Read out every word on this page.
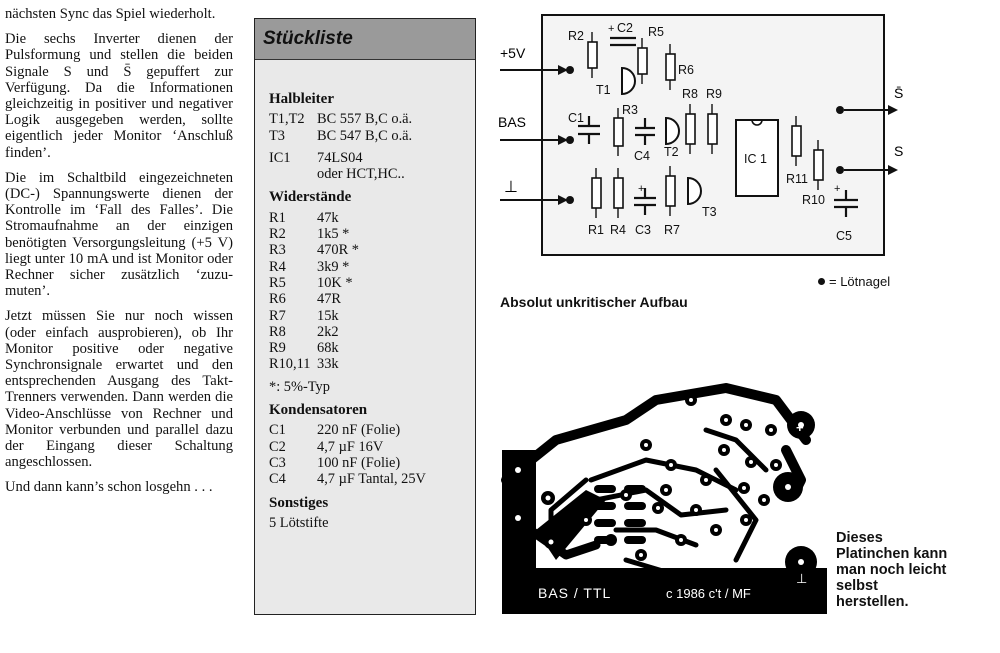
nächsten Sync das Spiel wiederholt.

Die sechs Inverter dienen der Pulsformung und stellen die beiden Signale S und S̄ gepuffert zur Verfügung. Da die Informationen gleichzeitig in positiver und negativer Logik ausgegeben werden, sollte eigentlich jeder Monitor ‘Anschluß finden’.

Die im Schaltbild eingezeichneten (DC-) Spannungswerte dienen der Kontrolle im ‘Fall des Falles’. Die Stromaufnahme an der einzigen benötigten Versorgungsleitung (+5 V) liegt unter 10 mA und ist Monitor oder Rechner sicher zusätzlich ‘zuzumuten’.

Jetzt müssen Sie nur noch wissen (oder einfach ausprobieren), ob Ihr Monitor positive oder negative Synchronsignale erwartet und den entsprechenden Ausgang des Takt-Trenners verwenden. Dann werden die Video-Anschlüsse von Rechner und Monitor verbunden und parallel dazu der Eingang dieser Schaltung angeschlossen.

Und dann kann’s schon losgehn . . .

Stückliste
Halbleiter
T1,T2 BC 557 B,C o.ä.
T3	BC 547 B,C o.ä.
IC1	74LS04
oder HCT,HC..
Widerstände
R1	47k
R2	1k5 *
R3	470R *
R4	3k9 *
R5	10K *
R6	47R
R7	15k
R8	2k2
R9	68k
R10,11 33k
*: 5%-Typ
Kondensatoren
C1	220 nF (Folie)
C2	4,7 µF 16V
C3	100 nF (Folie)
C4	4,7 µF Tantal, 25V
Sonstiges
5 Lötstifte
+5V
BAS
⊥
S̄
S
+
+	+
R2
C2 R5
R6
T1
R3
R8 R9
C1
C4 T2	IC 1
R11
T3
R10
R1 R4 C3 R7	C5
Absolut unkritischer Aufbau
= Lötnagel
+
⊥
BAS / TTL	c 1986 c't / MF
Dieses
Platinchen kann
man noch leicht
selbst
herstellen.
